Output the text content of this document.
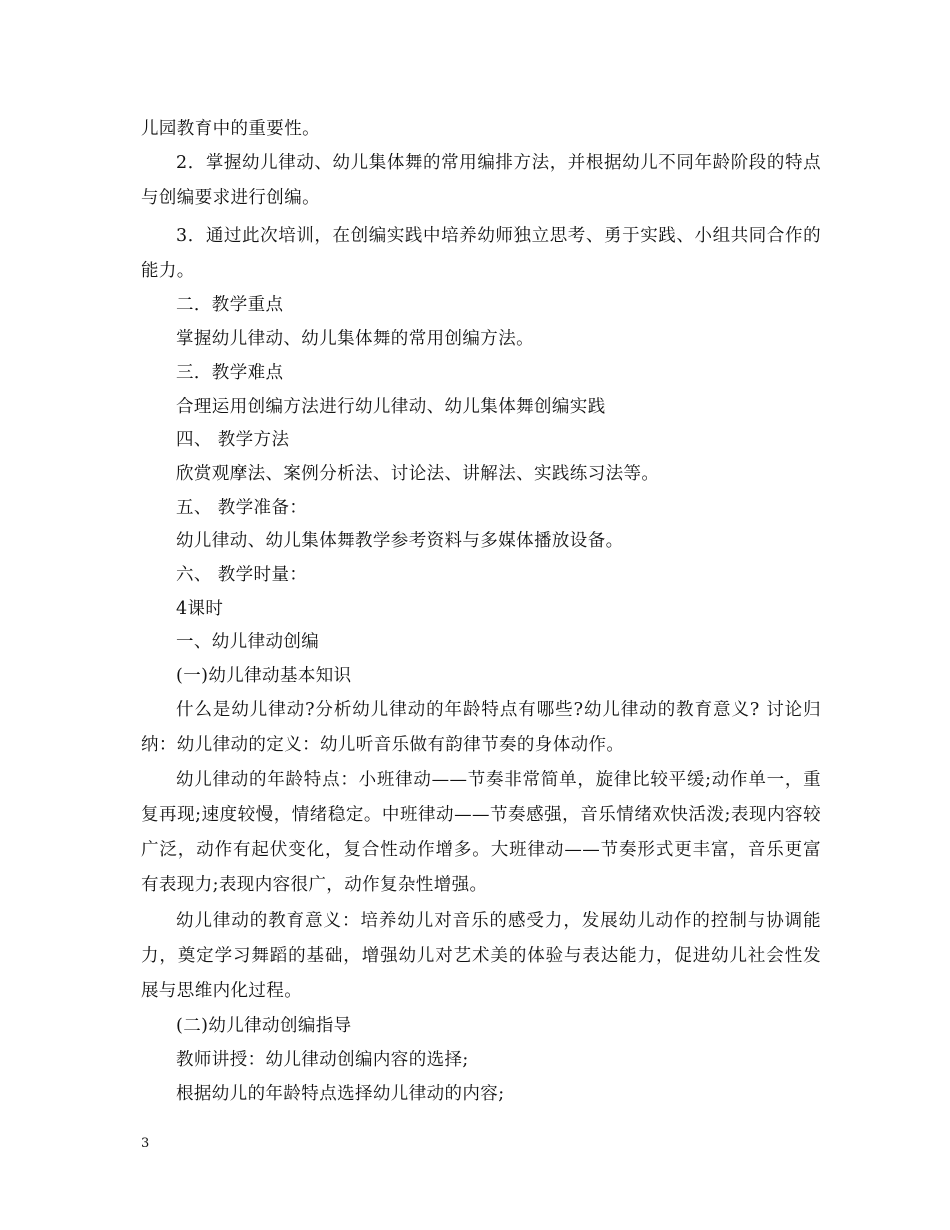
儿园教育中的重要性。

2．掌握幼儿律动、幼儿集体舞的常用编排方法，并根据幼儿不同年龄阶段的特点与创编要求进行创编。

3．通过此次培训，在创编实践中培养幼师独立思考、勇于实践、小组共同合作的能力。

二．教学重点

掌握幼儿律动、幼儿集体舞的常用创编方法。

三．教学难点

合理运用创编方法进行幼儿律动、幼儿集体舞创编实践

四、 教学方法

欣赏观摩法、案例分析法、讨论法、讲解法、实践练习法等。

五、 教学准备：

幼儿律动、幼儿集体舞教学参考资料与多媒体播放设备。

六、 教学时量：

4课时

一、幼儿律动创编

(一)幼儿律动基本知识

什么是幼儿律动?分析幼儿律动的年龄特点有哪些?幼儿律动的教育意义? 讨论归纳：幼儿律动的定义：幼儿听音乐做有韵律节奏的身体动作。

幼儿律动的年龄特点：小班律动——节奏非常简单，旋律比较平缓;动作单一，重复再现;速度较慢，情绪稳定。中班律动——节奏感强，音乐情绪欢快活泼;表现内容较广泛，动作有起伏变化，复合性动作增多。大班律动——节奏形式更丰富，音乐更富有表现力;表现内容很广，动作复杂性增强。

幼儿律动的教育意义：培养幼儿对音乐的感受力，发展幼儿动作的控制与协调能力，奠定学习舞蹈的基础，增强幼儿对艺术美的体验与表达能力，促进幼儿社会性发展与思维内化过程。

(二)幼儿律动创编指导

教师讲授：幼儿律动创编内容的选择;

根据幼儿的年龄特点选择幼儿律动的内容;

3
